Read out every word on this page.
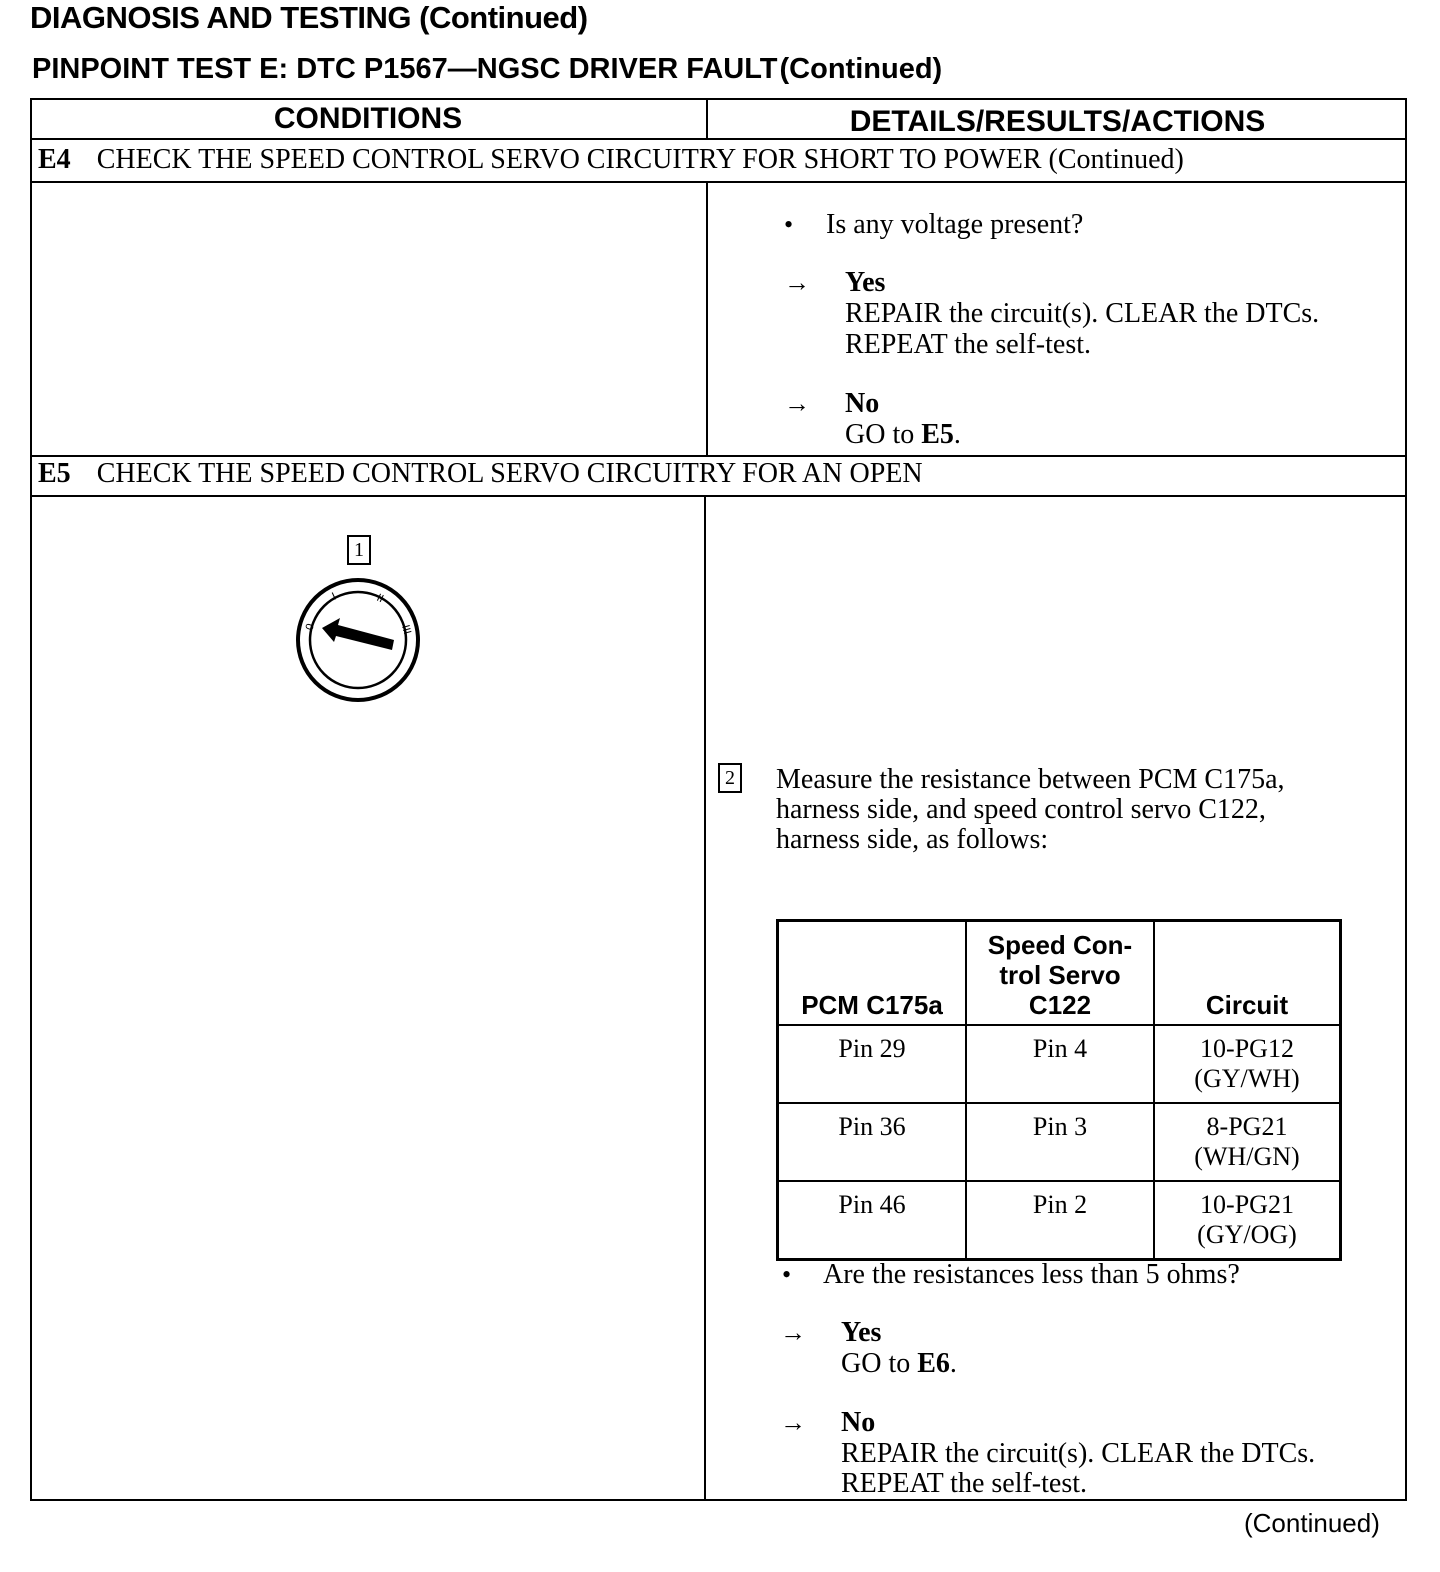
DIAGNOSIS AND TESTING (Continued)
PINPOINT TEST E: DTC P1567—NGSC DRIVER FAULT(Continued)
CONDITIONS	DETAILS/RESULTS/ACTIONS
E4 CHECK THE SPEED CONTROL SERVO CIRCUITRY FOR SHORT TO POWER (Continued)
• Is any voltage present?
→ Yes
REPAIR the circuit(s). CLEAR the DTCs.
REPEAT the self-test.
→ No
GO to E5.
E5 CHECK THE SPEED CONTROL SERVO CIRCUITRY FOR AN OPEN
1
0
I	II
III
2 Measure the resistance between PCM C175a,
harness side, and speed control servo C122,
harness side, as follows:
PCM C175a	Speed Con-
trol Servo
C122	Circuit
Pin 29	Pin 4	10-PG12
(GY/WH)
Pin 36	Pin 3	8-PG21
(WH/GN)
Pin 46	Pin 2	10-PG21
(GY/OG)
• Are the resistances less than 5 ohms?
→ Yes
GO to E6.
→ No
REPAIR the circuit(s). CLEAR the DTCs.
REPEAT the self-test.
(Continued)
